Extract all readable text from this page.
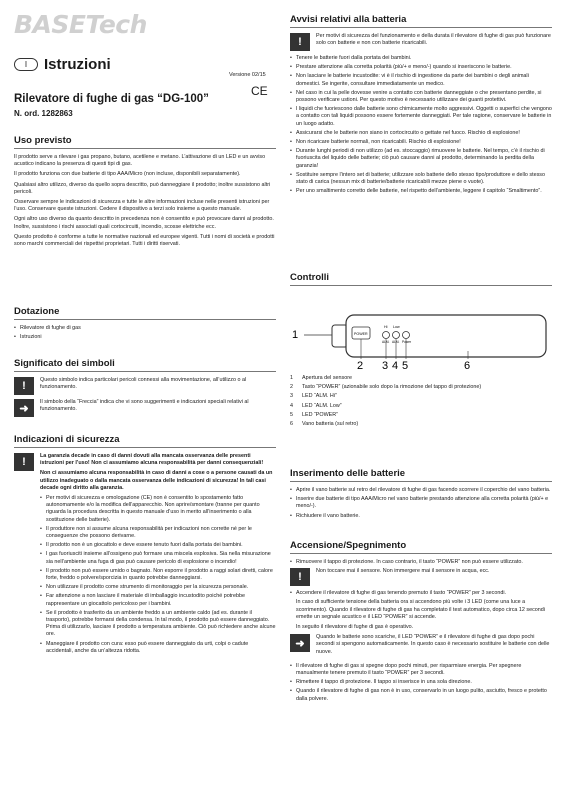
BASETech
I	Istruzioni
Versione 02/15
CE
Rilevatore di fughe di gas “DG-100”
N. ord. 1282863
Uso previsto

Il prodotto serve a rilevare i gas propano, butano, acetilene e metano. L’attivazione di un LED e un avviso acustico indicano la presenza di questi tipi di gas.

Il prodotto funziona con due batterie di tipo AAA/Micro (non incluse, disponibili separatamente).

Qualsiasi altro utilizzo, diverso da quello sopra descritto, può danneggiare il prodotto; inoltre sussistono altri pericoli.

Osservare sempre le indicazioni di sicurezza e tutte le altre informazioni incluse nelle presenti istruzioni per l’uso. Conservare queste istruzioni. Cedere il dispositivo a terzi solo insieme a questo manuale.

Ogni altro uso diverso da quanto descritto in precedenza non è consentito e può provocare danni al prodotto. Inoltre, sussistono i rischi associati quali cortocircuiti, incendio, scosse elettriche ecc.

Questo prodotto è conforme a tutte le normative nazionali ed europee vigenti. Tutti i nomi di società e prodotti sono marchi commerciali dei rispettivi proprietari. Tutti i diritti riservati.

Dotazione
• Rilevatore di fughe di gas
• Istruzioni
Significato dei simboli
!	Questo simbolo indica particolari pericoli connessi alla movimentazione, all’utilizzo o al funzionamento.

➜

Il simbolo della “Freccia” indica che vi sono suggerimenti e indicazioni speciali relativi al funzionamento.

Indicazioni di sicurezza
!	La garanzia decade in caso di danni dovuti alla mancata osservanza delle presenti istruzioni per l’uso! Non ci assumiamo alcuna responsabilità per danni consequenziali!

Non ci assumiamo alcuna responsabilità in caso di danni a cose o a persone causati da un utilizzo inadeguato o dalla mancata osservanza delle indicazioni di sicurezza! In tali casi decade ogni diritto alla garanzia.

• Per motivi di sicurezza e omologazione (CE) non è consentito lo spostamento fatto autonomamente e/o la modifica dell’apparecchio. Non aprire/smontare (tranne per quanto riguarda la procedura descritta in questo manuale d’uso in merito all’inserimento o alla sostituzione delle batterie).
• Il produttore non si assume alcuna responsabilità per indicazioni non corrette né per le conseguenze che possono derivarne.
• Il prodotto non è un giocattolo e deve essere tenuto fuori dalla portata dei bambini.
• I gas fuoriusciti insieme all’ossigeno può formare una miscela esplosiva. Sia nella misurazione sia nell’ambiente una fuga di gas può causare pericolo di esplosione o incendio!
• Il prodotto non può essere umido o bagnato. Non esporre il prodotto a raggi solari diretti, calore forte, freddo o polvere/sporcizia in quanto potrebbe danneggiarsi.
• Non utilizzare il prodotto come strumento di monitoraggio per la sicurezza personale.
• Far attenzione a non lasciare il materiale di imballaggio incustodito poiché potrebbe rappresentare un giocattolo pericoloso per i bambini.
• Se il prodotto è trasferito da un ambiente freddo a un ambiente caldo (ad es. durante il trasporto), potrebbe formarsi della condensa. In tal modo, il prodotto può essere danneggiato. Prima di utilizzarlo, lasciare il prodotto a temperatura ambiente. Ciò può richiedere anche alcune ore.
• Maneggiare il prodotto con cura: esso può essere danneggiato da urti, colpi o cadute accidentali, anche da un’altezza ridotta.
Avvisi relativi alla batteria
!	Per motivi di sicurezza del funzionamento e della durata il rilevatore di fughe di gas può funzionare solo con batterie e non con batterie ricaricabili.

• Tenere le batterie fuori dalla portata dei bambini.
• Prestare attenzione alla corretta polarità (più/+ e meno/-) quando si inseriscono le batterie.
• Non lasciare le batterie incustodite: vi è il rischio di ingestione da parte dei bambini o degli animali domestici. Se ingerite, consultare immediatamente un medico.
• Nel caso in cui la pelle dovesse venire a contatto con batterie danneggiate o che presentano perdite, si possono verificare ustioni. Per questo motivo è necessario utilizzare dei guanti protettivi.
• I liquidi che fuoriescono dalle batterie sono chimicamente molto aggressivi. Oggetti o superfici che vengono a contatto con tali liquidi possono essere fortemente danneggiati. Per tale ragione, conservare le batterie in un luogo adatto.
• Assicurarsi che le batterie non siano in cortocircuito o gettate nel fuoco. Rischio di esplosione!
• Non ricaricare batterie normali, non ricaricabili. Rischio di esplosione!
• Durante lunghi periodi di non utilizzo (ad es. stoccaggio) rimuovere le batterie. Nel tempo, c’è il rischio di fuoriuscita del liquido delle batterie; ciò può causare danni al prodotto, determinando la perdita della garanzia!
• Sostituire sempre l’intero set di batterie; utilizzare solo batterie dello stesso tipo/produttore e dello stesso stato di carica (nessun mix di batterie/batterie ricaricabili mezze piene o vuote).
• Per uno smaltimento corretto delle batterie, nel rispetto dell’ambiente, leggere il capitolo “Smaltimento”.
Controlli
POWER
Hi Low
ALM. ALM. Power
1
2 3 4 5	6
1 Apertura del sensore
2 Tasto “POWER” (azionabile solo dopo la rimozione del tappo di protezione)
3 LED “ALM. Hi”
4 LED “ALM. Low”
5 LED “POWER”
6 Vano batteria (sul retro)
Inserimento delle batterie
• Aprire il vano batterie sul retro del rilevatore di fughe di gas facendo scorrere il coperchio del vano batteria.
• Inserire due batterie di tipo AAA/Micro nel vano batterie prestando attenzione alla corretta polarità (più/+ e meno/-).
• Richiudere il vano batterie.
Accensione/Spegnimento
• Rimuovere il tappo di protezione. In caso contrario, il tasto “POWER” non può essere utilizzato.
!	Non toccare mai il sensore. Non immergere mai il sensore in acqua, ecc.

• Accendere il rilevatore di fughe di gas tenendo premuto il tasto “POWER” per 3 secondi.

In caso di sufficiente tensione della batteria ora si accendono più volte i 3 LED (come una luce a scorrimento). Quando il rilevatore di fughe di gas ha completato il test automatico, dopo circa 12 secondi emette un segnale acustico e il LED “POWER” si accende.

In seguito il rilevatore di fughe di gas è operativo.

➜

Quando le batterie sono scariche, il LED “POWER” e il rilevatore di fughe di gas dopo pochi secondi si spengono automaticamente. In questo caso è necessario sostituire le batterie con delle nuove.

• Il rilevatore di fughe di gas si spegne dopo pochi minuti, per risparmiare energia. Per spegnere manualmente tenere premuto il tasto “POWER” per 3 secondi.
• Rimettere il tappo di protezione. Il tappo si inserisce in una sola direzione.
• Quando il rilevatore di fughe di gas non è in uso, conservarlo in un luogo pulito, asciutto, fresco e protetto dalla polvere.
